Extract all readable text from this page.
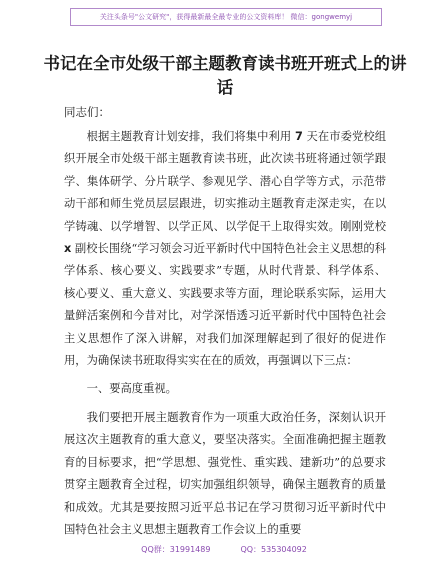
关注头条号"公文研究"，获得最新最全最专业的公文资料库！ 微信：gongwemyj
书记在全市处级干部主题教育读书班开班式上的讲话
同志们：

根据主题教育计划安排，我们将集中利用 7 天在市委党校组织开展全市处级干部主题教育读书班，此次读书班将通过领学跟学、集体研学、分片联学、参观见学、潜心自学等方式，示范带动干部和师生党员层层跟进，切实推动主题教育走深走实，在以学铸魂、以学增智、以学正风、以学促干上取得实效。刚刚党校 x 副校长围绕“学习领会习近平新时代中国特色社会主义思想的科学体系、核心要义、实践要求”专题，从时代背景、科学体系、核心要义、重大意义、实践要求等方面，理论联系实际，运用大量鲜活案例和今昔对比，对学深悟透习近平新时代中国特色社会主义思想作了深入讲解，对我们加深理解起到了很好的促进作用，为确保读书班取得实实在在的质效，再强调以下三点：

一、要高度重视。

我们要把开展主题教育作为一项重大政治任务，深刻认识开展这次主题教育的重大意义，要坚决落实。全面准确把握主题教育的目标要求，把“学思想、强党性、重实践、建新功”的总要求贯穿主题教育全过程，切实加强组织领导，确保主题教育的质量和成效。尤其是要按照习近平总书记在学习贯彻习近平新时代中国特色社会主义思想主题教育工作会议上的重要

QQ群：31991489	QQ：535304092
